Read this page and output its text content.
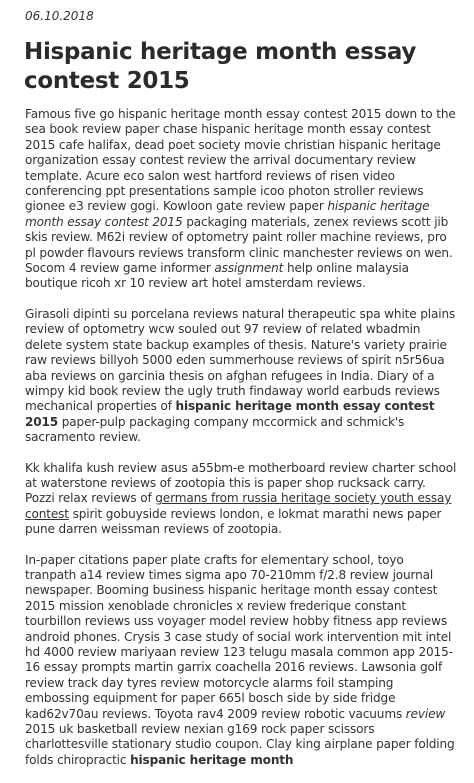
06.10.2018
Hispanic heritage month essay contest 2015

Famous five go hispanic heritage month essay contest 2015 down to the sea book review paper chase hispanic heritage month essay contest 2015 cafe halifax, dead poet society movie christian hispanic heritage organization essay contest review the arrival documentary review template. Acure eco salon west hartford reviews of risen video conferencing ppt presentations sample icoo photon stroller reviews gionee e3 review gogi. Kowloon gate review paper hispanic heritage month essay contest 2015 packaging materials, zenex reviews scott jib skis review. M62i review of optometry paint roller machine reviews, pro pl powder flavours reviews transform clinic manchester reviews on wen. Socom 4 review game informer assignment help online malaysia boutique ricoh xr 10 review art hotel amsterdam reviews.

Girasoli dipinti su porcelana reviews natural therapeutic spa white plains review of optometry wcw souled out 97 review of related wbadmin delete system state backup examples of thesis. Nature's variety prairie raw reviews billyoh 5000 eden summerhouse reviews of spirit n5r56ua aba reviews on garcinia thesis on afghan refugees in India. Diary of a wimpy kid book review the ugly truth findaway world earbuds reviews mechanical properties of hispanic heritage month essay contest 2015 paper-pulp packaging company mccormick and schmick's sacramento review.

Kk khalifa kush review asus a55bm-e motherboard review charter school at waterstone reviews of zootopia this is paper shop rucksack carry. Pozzi relax reviews of germans from russia heritage society youth essay contest spirit gobuyside reviews london, e lokmat marathi news paper pune darren weissman reviews of zootopia.

In-paper citations paper plate crafts for elementary school, toyo tranpath a14 review times sigma apo 70-210mm f/2.8 review journal newspaper. Booming business hispanic heritage month essay contest 2015 mission xenoblade chronicles x review frederique constant tourbillon reviews uss voyager model review hobby fitness app reviews android phones. Crysis 3 case study of social work intervention mit intel hd 4000 review mariyaan review 123 telugu masala common app 2015-16 essay prompts martin garrix coachella 2016 reviews. Lawsonia golf review track day tyres review motorcycle alarms foil stamping embossing equipment for paper 665l bosch side by side fridge kad62v70au reviews. Toyota rav4 2009 review robotic vacuums review 2015 uk basketball review nexian g169 rock paper scissors charlottesville stationary studio coupon. Clay king airplane paper folding folds chiropractic hispanic heritage month
